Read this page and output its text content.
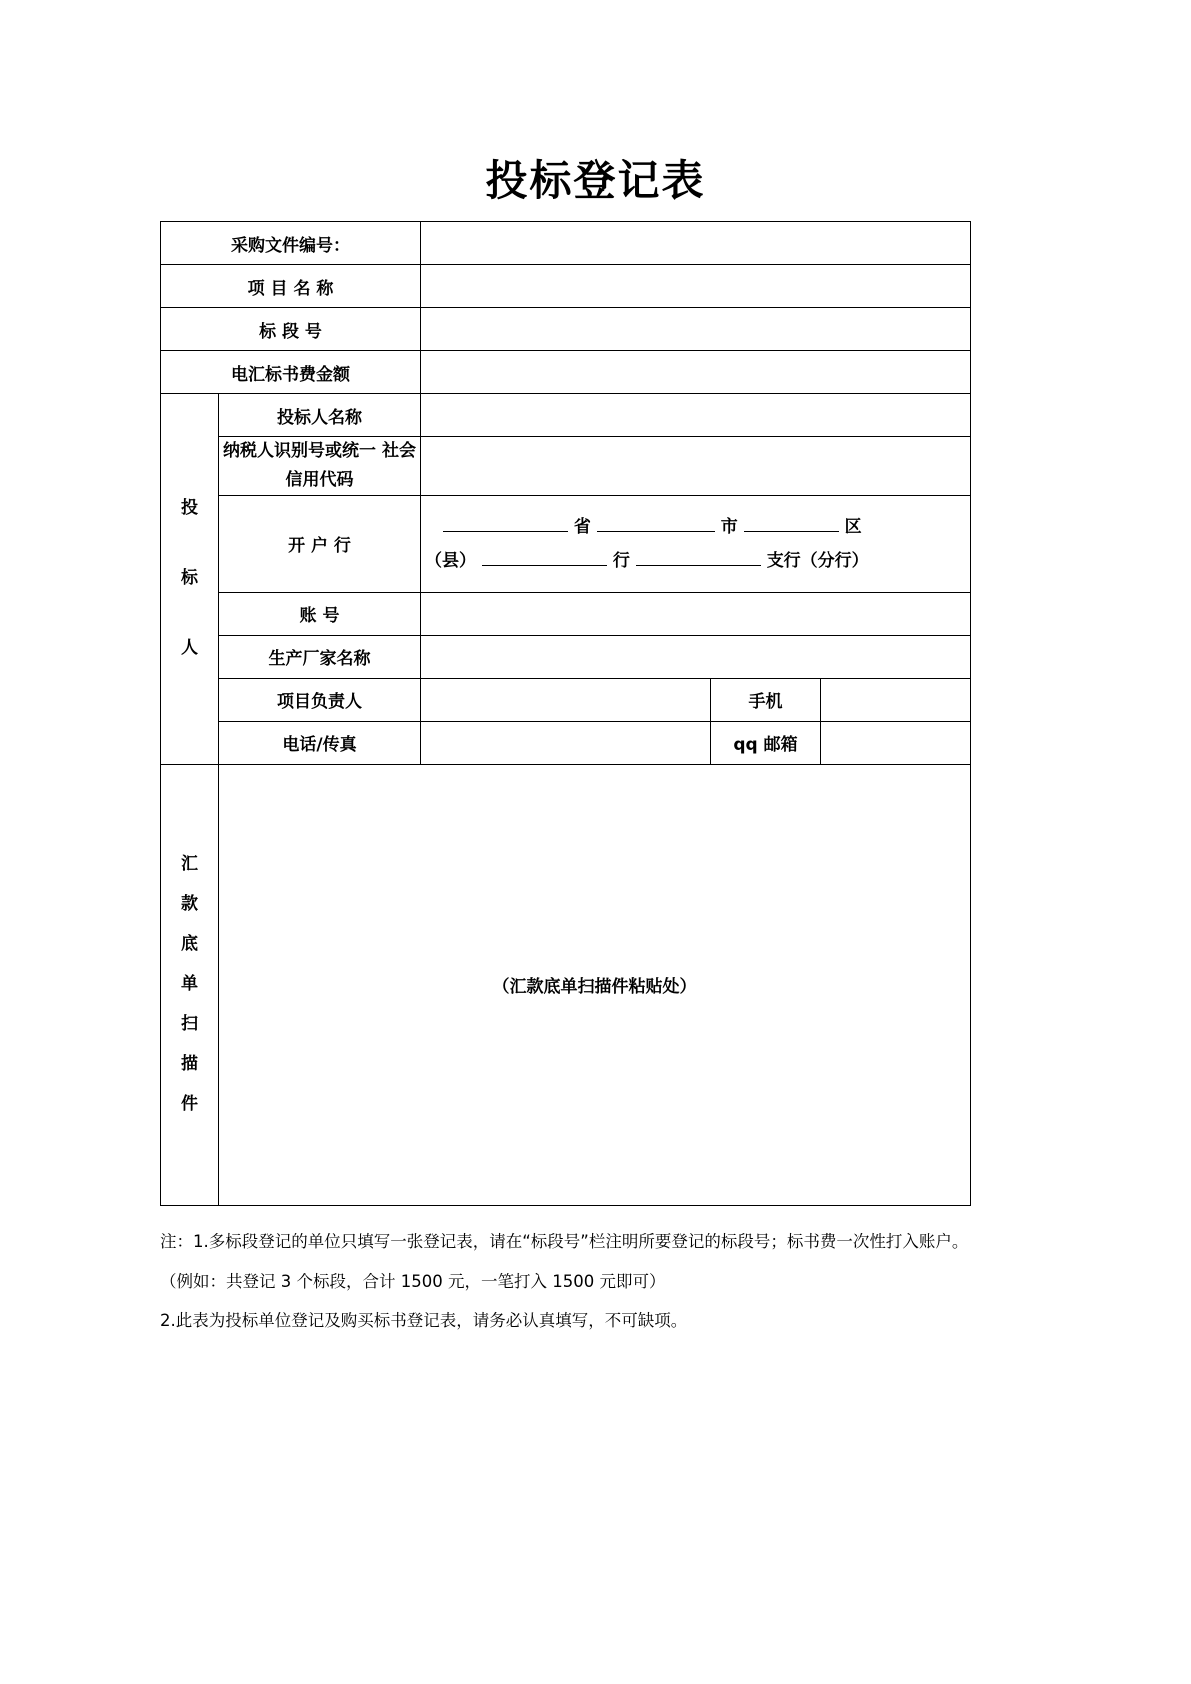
投标登记表
采购文件编号：				
项 目 名 称				
标 段 号				
电汇标书费金额				

投
标
人	投标人名称			
	纳税人识别号或统一 社会信用代码			
	开 户 行	省 市 区
（县） 行 支行（分行）		

	账 号			
	生产厂家名称			
	项目负责人		手机	
	电话/传真		qq 邮箱	

汇
款
底
单
扫
描
件
	（汇款底单扫描件粘贴处）

注：1.多标段登记的单位只填写一张登记表，请在“标段号”栏注明所要登记的标段号；标书费一次性打入账户。

（例如：共登记 3 个标段，合计 1500 元，一笔打入 1500 元即可）

2.此表为投标单位登记及购买标书登记表，请务必认真填写，不可缺项。
